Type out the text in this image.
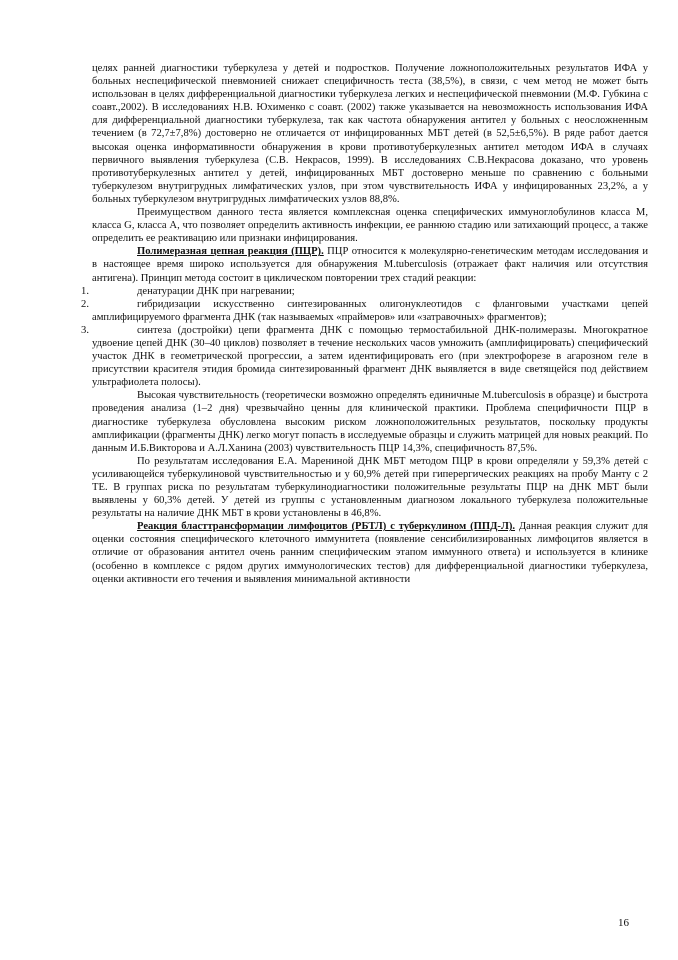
целях ранней диагностики туберкулеза у детей и подростков. Получение ложноположительных результатов ИФА у больных неспецифической пневмонией снижает специфичность теста (38,5%), в связи, с чем метод не может быть использован в целях дифференциальной диагностики туберкулеза легких и неспецифической пневмонии (М.Ф. Губкина с соавт.,2002). В исследованиях Н.В. Юхименко с соавт. (2002) также указывается на невозможность использования ИФА для дифференциальной диагностики туберкулеза, так как частота обнаружения антител у больных с неосложненным течением (в 72,7±7,8%) достоверно не отличается от инфицированных МБТ детей (в 52,5±6,5%). В ряде работ дается высокая оценка информативности обнаружения в крови противотуберкулезных антител методом ИФА в случаях первичного выявления туберкулеза (С.В. Некрасов, 1999). В исследованиях С.В.Некрасова доказано, что уровень противотуберкулезных антител у детей, инфицированных МБТ достоверно меньше по сравнению с больными туберкулезом внутригрудных лимфатических узлов, при этом чувствительность ИФА у инфицированных 23,2%, а у больных туберкулезом внутригрудных лимфатических узлов 88,8%.

Преимуществом данного теста является комплексная оценка специфических иммуноглобулинов класса М, класса G, класса А, что позволяет определить активность инфекции, ее раннюю стадию или затихающий процесс, а также определить ее реактивацию или признаки инфицирования.

Полимеразная цепная реакция (ПЦР). ПЦР относится к молекулярно-генетическим методам исследования и в настоящее время широко используется для обнаружения M.tuberculosis (отражает факт наличия или отсутствия антигена). Принцип метода состоит в циклическом повторении трех стадий реакции:

1.	денатурации ДНК при нагревании;
2.	гибридизации искусственно синтезированных олигонуклеотидов с фланговыми участками цепей амплифицируемого фрагмента ДНК (так называемых «праймеров» или «затравочных» фрагментов);
3.	синтеза (достройки) цепи фрагмента ДНК с помощью термостабильной ДНК-полимеразы. Многократное удвоение цепей ДНК (30–40 циклов) позволяет в течение нескольких часов умножить (амплифицировать) специфический участок ДНК в геометрической прогрессии, а затем идентифицировать его (при электрофорезе в агарозном геле в присутствии красителя этидия бромида синтезированный фрагмент ДНК выявляется в виде светящейся под действием ультрафиолета полосы).

Высокая чувствительность (теоретически возможно определять единичные M.tuberculosis в образце) и быстрота проведения анализа (1–2 дня) чрезвычайно ценны для клинической практики. Проблема специфичности ПЦР в диагностике туберкулеза обусловлена высоким риском ложноположительных результатов, поскольку продукты амплификации (фрагменты ДНК) легко могут попасть в исследуемые образцы и служить матрицей для новых реакций. По данным И.Б.Викторова и А.Л.Ханина (2003) чувствительность ПЦР 14,3%, специфичность 87,5%.

По результатам исследования Е.А. Марениной ДНК МБТ методом ПЦР в крови определяли у 59,3% детей с усиливающейся туберкулиновой чувствительностью и у 60,9% детей при гиперергических реакциях на пробу Манту с 2 ТЕ. В группах риска по результатам туберкулинодиагностики положительные результаты ПЦР на ДНК МБТ были выявлены у 60,3% детей. У детей из группы с установленным диагнозом локального туберкулеза положительные результаты на наличие ДНК МБТ в крови установлены в 46,8%.

Реакция бласттрансформации лимфоцитов (РБТЛ) с туберкулином (ППД-Л). Данная реакция служит для оценки состояния специфического клеточного иммунитета (появление сенсибилизированных лимфоцитов является в отличие от образования антител очень ранним специфическим этапом иммунного ответа) и используется в клинике (особенно в комплексе с рядом других иммунологических тестов) для дифференциальной диагностики туберкулеза, оценки активности его течения и выявления минимальной активности

16
